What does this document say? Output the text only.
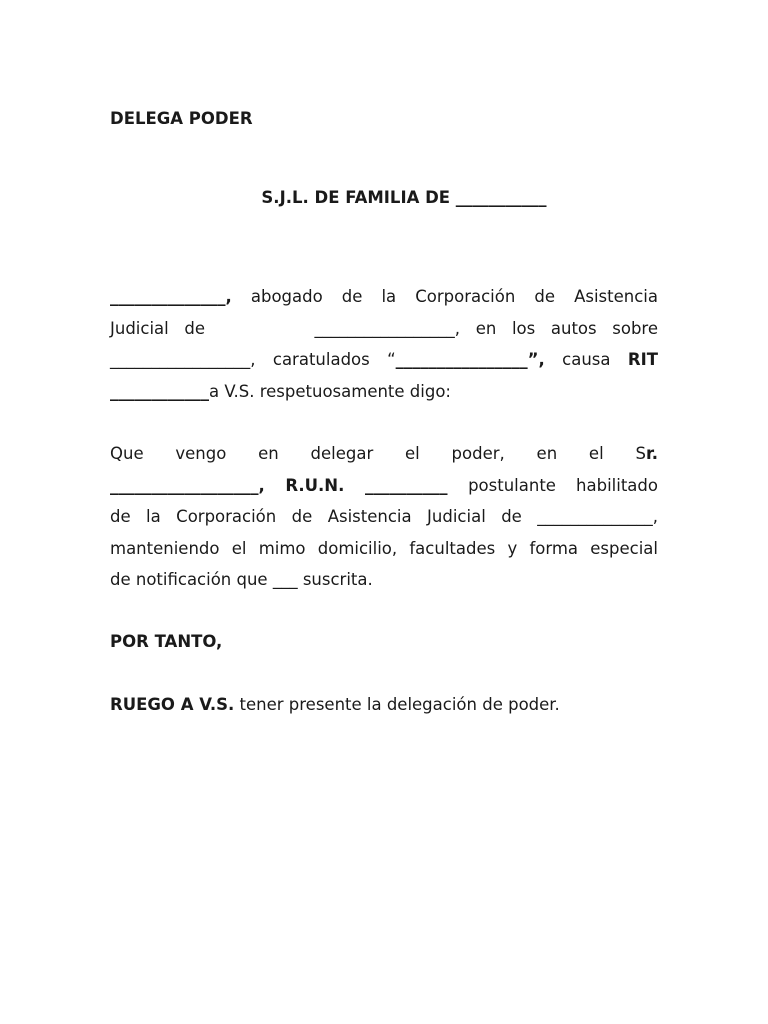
DELEGA PODER
S.J.L. DE FAMILIA DE ___________
______________, abogado de la Corporación de Asistencia
Judicial de	_________________, en los autos sobre
_________________, caratulados “________________”, causa RIT
____________a V.S. respetuosamente digo:
Que vengo en delegar el poder, en el Sr.
__________________, R.U.N. __________ postulante habilitado
de la Corporación de Asistencia Judicial de ______________,
manteniendo el mimo domicilio, facultades y forma especial
de notificación que ___ suscrita.
POR TANTO,
RUEGO A V.S. tener presente la delegación de poder.
